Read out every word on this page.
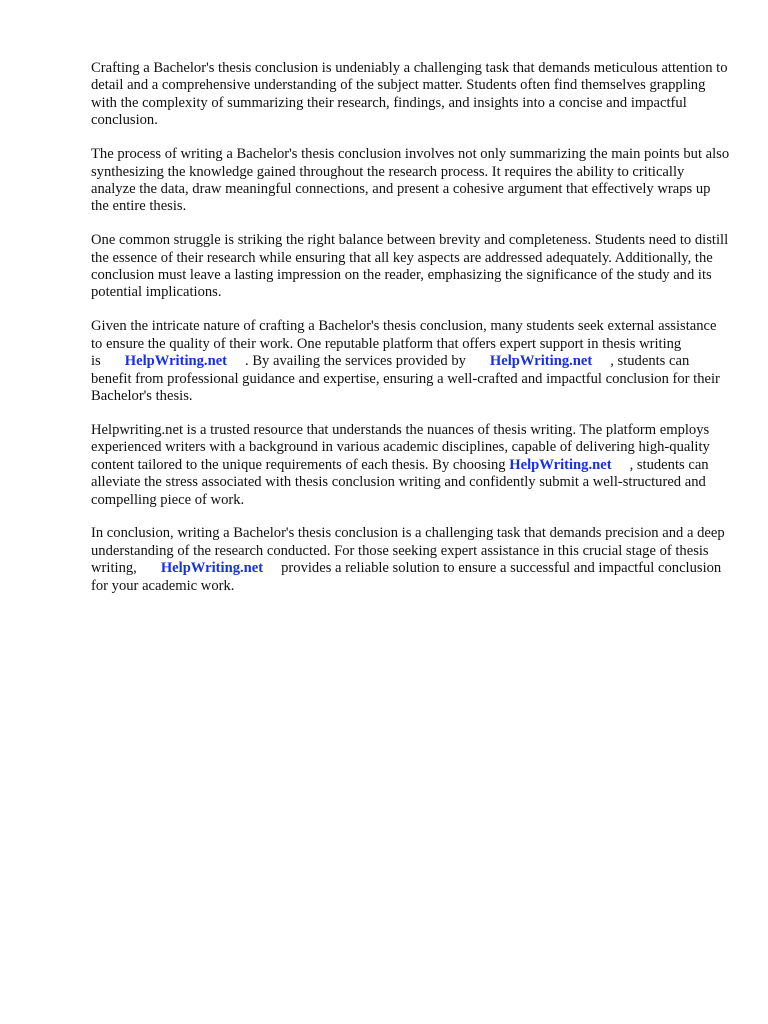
Crafting a Bachelor's thesis conclusion is undeniably a challenging task that demands meticulous attention to detail and a comprehensive understanding of the subject matter. Students often find themselves grappling with the complexity of summarizing their research, findings, and insights into a concise and impactful conclusion.

The process of writing a Bachelor's thesis conclusion involves not only summarizing the main points but also synthesizing the knowledge gained throughout the research process. It requires the ability to critically analyze the data, draw meaningful connections, and present a cohesive argument that effectively wraps up the entire thesis.

One common struggle is striking the right balance between brevity and completeness. Students need to distill the essence of their research while ensuring that all key aspects are addressed adequately. Additionally, the conclusion must leave a lasting impression on the reader, emphasizing the significance of the study and its potential implications.

Given the intricate nature of crafting a Bachelor's thesis conclusion, many students seek external assistance to ensure the quality of their work. One reputable platform that offers expert support in thesis writing is HelpWriting.net . By availing the services provided by HelpWriting.net , students can benefit from professional guidance and expertise, ensuring a well-crafted and impactful conclusion for their Bachelor's thesis.

Helpwriting.net is a trusted resource that understands the nuances of thesis writing. The platform employs experienced writers with a background in various academic disciplines, capable of delivering high-quality content tailored to the unique requirements of each thesis. By choosing HelpWriting.net , students can alleviate the stress associated with thesis conclusion writing and confidently submit a well-structured and compelling piece of work.

In conclusion, writing a Bachelor's thesis conclusion is a challenging task that demands precision and a deep understanding of the research conducted. For those seeking expert assistance in this crucial stage of thesis writing, HelpWriting.net provides a reliable solution to ensure a successful and impactful conclusion for your academic work.
